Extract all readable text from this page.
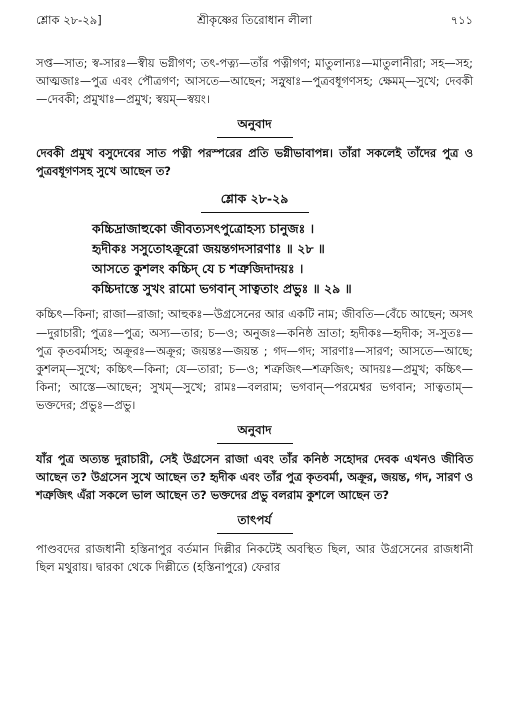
শ্লোক ২৮-২৯]	শ্রীকৃষ্ণের তিরোধান লীলা	৭১১

সপ্ত—সাত; স্ব-সারঃ—স্বীয় ভগ্নীগণ; তৎ-পত্ন্য—তাঁর পত্নীগণ; মাতুলান্যঃ—মাতুলানীরা; সহ—সহ; আত্মজাঃ—পুত্র এবং পৌত্রগণ; আসতে—আছেন; সস্নুষাঃ—পুত্রবধূগণসহ; ক্ষেমম্—সুখে; দেবকী—দেবকী; প্রমুখাঃ—প্রমুখ; স্বয়ম্—স্বয়ং।

অনুবাদ

দেবকী প্রমুখ বসুদেবের সাত পত্নী পরস্পরের প্রতি ভগ্নীভাবাপন্ন। তাঁরা সকলেই তাঁদের পুত্র ও পুত্রবধূগণসহ সুখে আছেন ত?

শ্লোক ২৮-২৯
কচ্চিদ্রাজাহুকো জীবত্যসৎপুত্রোহস্য চানুজঃ ।
হৃদীকঃ সসুতোঽক্রূরো জয়ন্তগদসারণাঃ ॥ ২৮ ॥
আসতে কুশলং কচ্চিদ্ যে চ শত্রুজিদাদয়ঃ ।
কচ্চিদাস্তে সুখং রামো ভগবান্ সাত্বতাং প্রভুঃ ॥ ২৯ ॥

কচ্চিৎ—কিনা; রাজা—রাজা; আহুকঃ—উগ্রসেনের আর একটি নাম; জীবতি—বেঁচে আছেন; অসৎ—দুরাচারী; পুত্রঃ—পুত্র; অস্য—তার; চ—ও; অনুজঃ—কনিষ্ঠ ভ্রাতা; হৃদীকঃ—হৃদীক; স-সুতঃ—পুত্র কৃতবর্মাসহ; অক্রূরঃ—অক্রূর; জয়ন্তঃ—জয়ন্ত ; গদ—গদ; সারণাঃ—সারণ; আসতে—আছে; কুশলম্—সুখে; কচ্চিৎ—কিনা; যে—তারা; চ—ও; শত্রুজিৎ—শত্রুজিৎ; আদয়ঃ—প্রমুখ; কচ্চিৎ—কিনা; আস্তে—আছেন; সুখম্—সুখে; রামঃ—বলরাম; ভগবান্—পরমেশ্বর ভগবান; সাত্বতাম্—ভক্তদের; প্রভুঃ—প্রভু।

অনুবাদ

যাঁর পুত্র অত্যন্ত দুরাচারী, সেই উগ্রসেন রাজা এবং তাঁর কনিষ্ঠ সহোদর দেবক এখনও জীবিত আছেন ত? উগ্রসেন সুখে আছেন ত? হৃদীক এবং তাঁর পুত্র কৃতবর্মা, অক্রূর, জয়ন্ত, গদ, সারণ ও শত্রুজিৎ এঁরা সকলে ভাল আছেন ত? ভক্তদের প্রভু বলরাম কুশলে আছেন ত?

তাৎপর্য

পাণ্ডবদের রাজধানী হস্তিনাপুর বর্তমান দিল্লীর নিকটেই অবস্থিত ছিল, আর উগ্রসেনের রাজধানী ছিল মথুরায়। দ্বারকা থেকে দিল্লীতে (হস্তিনাপুরে) ফেরার
